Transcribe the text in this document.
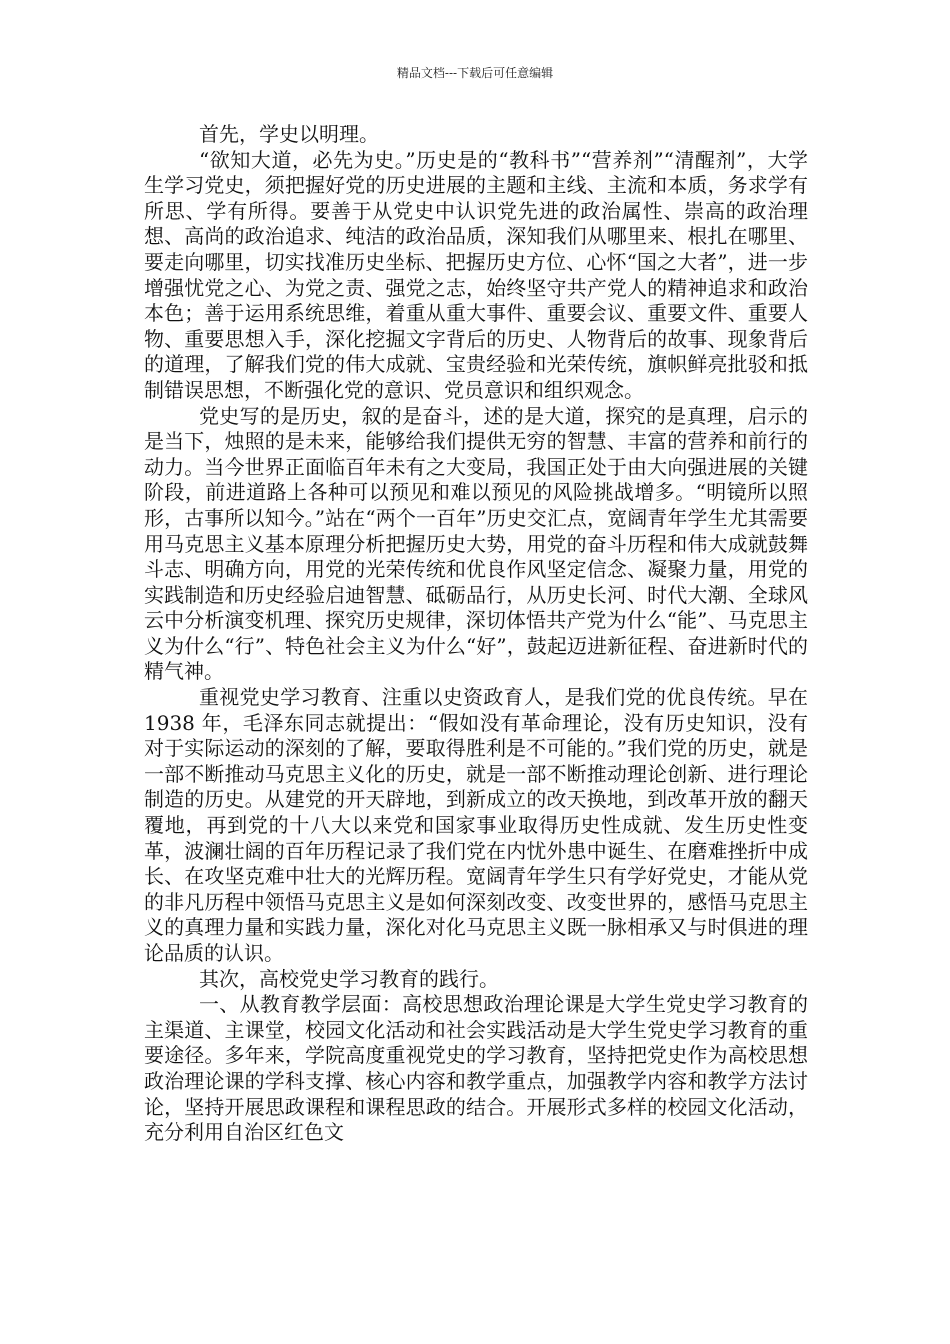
精品文档---下载后可任意编辑

首先，学史以明理。

“欲知大道，必先为史。”历史是的“教科书”“营养剂”“清醒剂”，大学生学习党史，须把握好党的历史进展的主题和主线、主流和本质，务求学有所思、学有所得。要善于从党史中认识党先进的政治属性、崇高的政治理想、高尚的政治追求、纯洁的政治品质，深知我们从哪里来、根扎在哪里、要走向哪里，切实找准历史坐标、把握历史方位、心怀“国之大者”，进一步增强忧党之心、为党之责、强党之志，始终坚守共产党人的精神追求和政治本色；善于运用系统思维，着重从重大事件、重要会议、重要文件、重要人物、重要思想入手，深化挖掘文字背后的历史、人物背后的故事、现象背后的道理，了解我们党的伟大成就、宝贵经验和光荣传统，旗帜鲜亮批驳和抵制错误思想，不断强化党的意识、党员意识和组织观念。

党史写的是历史，叙的是奋斗，述的是大道，探究的是真理，启示的是当下，烛照的是未来，能够给我们提供无穷的智慧、丰富的营养和前行的动力。当今世界正面临百年未有之大变局，我国正处于由大向强进展的关键阶段，前进道路上各种可以预见和难以预见的风险挑战增多。“明镜所以照形，古事所以知今。”站在“两个一百年”历史交汇点，宽阔青年学生尤其需要用马克思主义基本原理分析把握历史大势，用党的奋斗历程和伟大成就鼓舞斗志、明确方向，用党的光荣传统和优良作风坚定信念、凝聚力量，用党的实践制造和历史经验启迪智慧、砥砺品行，从历史长河、时代大潮、全球风云中分析演变机理、探究历史规律，深切体悟共产党为什么“能”、马克思主义为什么“行”、特色社会主义为什么“好”，鼓起迈进新征程、奋进新时代的精气神。

重视党史学习教育、注重以史资政育人，是我们党的优良传统。早在 1938 年，毛泽东同志就提出：“假如没有革命理论，没有历史知识，没有对于实际运动的深刻的了解，要取得胜利是不可能的。”我们党的历史，就是一部不断推动马克思主义化的历史，就是一部不断推动理论创新、进行理论制造的历史。从建党的开天辟地，到新成立的改天换地，到改革开放的翻天覆地，再到党的十八大以来党和国家事业取得历史性成就、发生历史性变革，波澜壮阔的百年历程记录了我们党在内忧外患中诞生、在磨难挫折中成长、在攻坚克难中壮大的光辉历程。宽阔青年学生只有学好党史，才能从党的非凡历程中领悟马克思主义是如何深刻改变、改变世界的，感悟马克思主义的真理力量和实践力量，深化对化马克思主义既一脉相承又与时俱进的理论品质的认识。

其次，高校党史学习教育的践行。

一、从教育教学层面：高校思想政治理论课是大学生党史学习教育的主渠道、主课堂，校园文化活动和社会实践活动是大学生党史学习教育的重要途径。多年来，学院高度重视党史的学习教育，坚持把党史作为高校思想政治理论课的学科支撑、核心内容和教学重点，加强教学内容和教学方法讨论，坚持开展思政课程和课程思政的结合。开展形式多样的校园文化活动，充分利用自治区红色文
